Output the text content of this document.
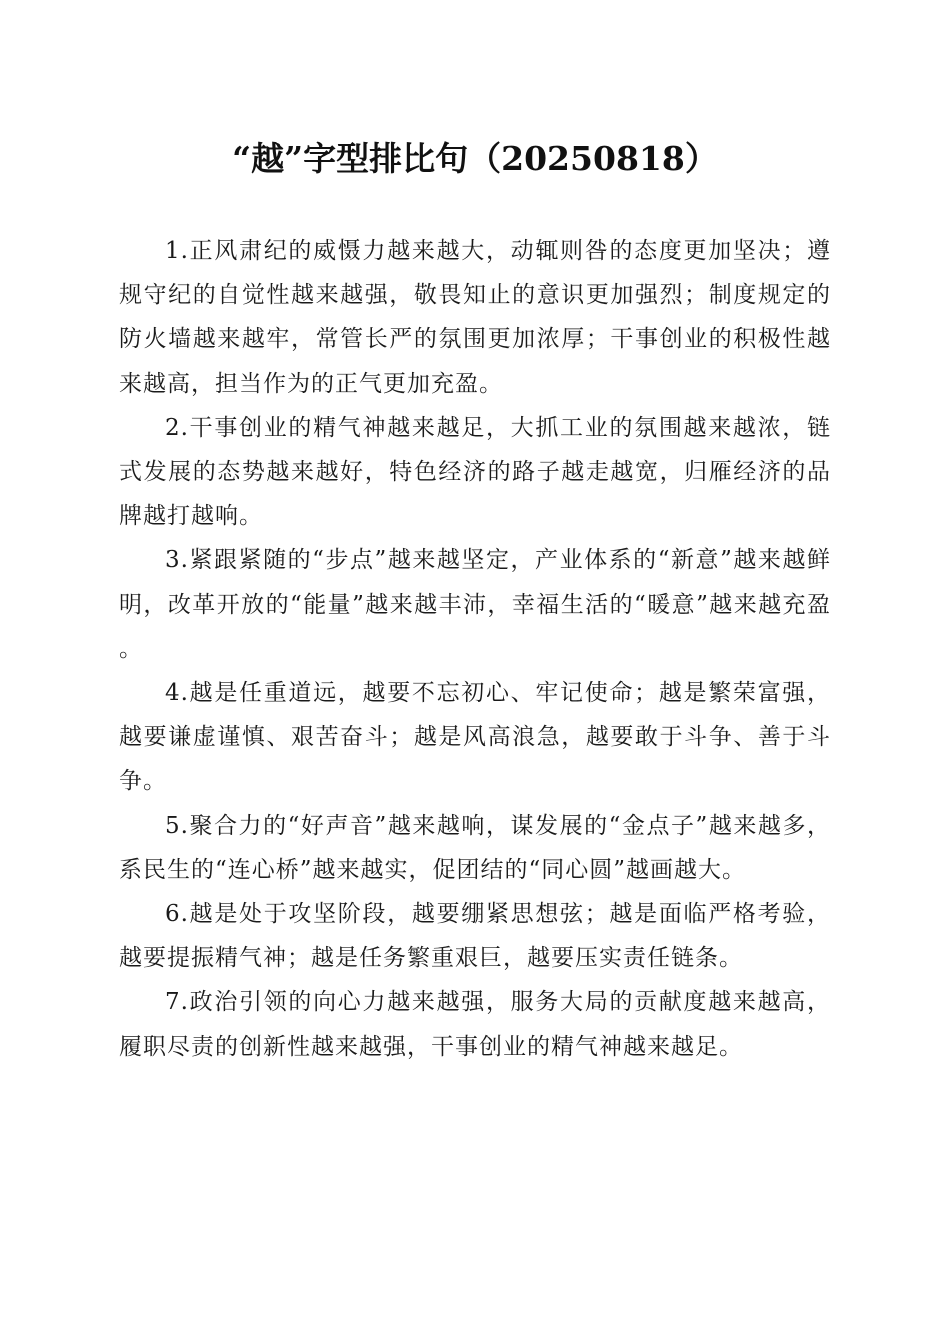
“越”字型排比句（20250818）

1.正风肃纪的威慑力越来越大，动辄则咎的态度更加坚决；遵规守纪的自觉性越来越强，敬畏知止的意识更加强烈；制度规定的防火墙越来越牢，常管长严的氛围更加浓厚；干事创业的积极性越来越高，担当作为的正气更加充盈。

2.干事创业的精气神越来越足，大抓工业的氛围越来越浓，链式发展的态势越来越好，特色经济的路子越走越宽，归雁经济的品牌越打越响。

3.紧跟紧随的“步点”越来越坚定，产业体系的“新意”越来越鲜明，改革开放的“能量”越来越丰沛，幸福生活的“暖意”越来越充盈。

4.越是任重道远，越要不忘初心、牢记使命；越是繁荣富强，越要谦虚谨慎、艰苦奋斗；越是风高浪急，越要敢于斗争、善于斗争。

5.聚合力的“好声音”越来越响，谋发展的“金点子”越来越多，系民生的“连心桥”越来越实，促团结的“同心圆”越画越大。

6.越是处于攻坚阶段，越要绷紧思想弦；越是面临严格考验，越要提振精气神；越是任务繁重艰巨，越要压实责任链条。

7.政治引领的向心力越来越强，服务大局的贡献度越来越高，履职尽责的创新性越来越强，干事创业的精气神越来越足。
